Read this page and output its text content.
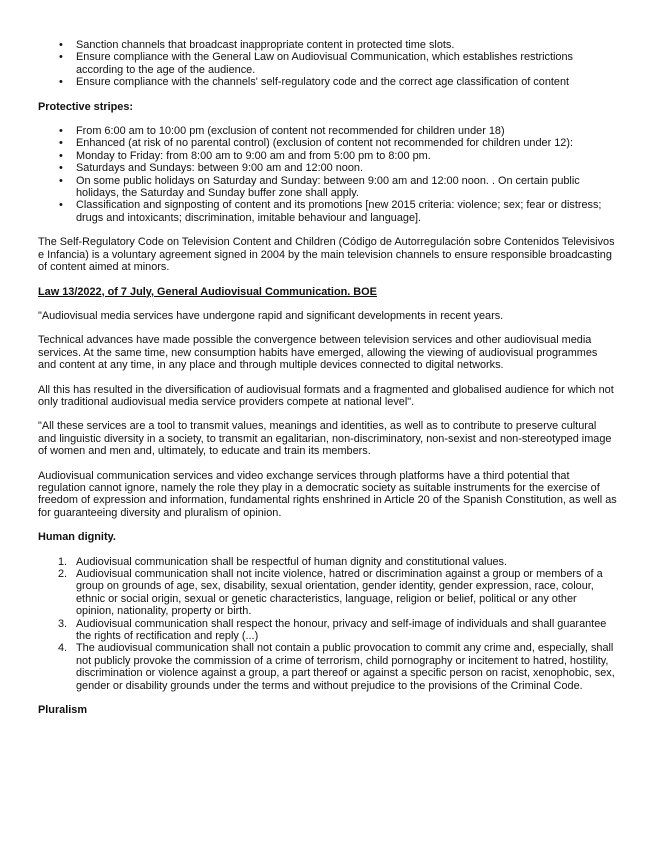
• Sanction channels that broadcast inappropriate content in protected time slots.
• Ensure compliance with the General Law on Audiovisual Communication, which establishes restrictions according to the age of the audience.
• Ensure compliance with the channels' self-regulatory code and the correct age classification of content

Protective stripes:

• From 6:00 am to 10:00 pm (exclusion of content not recommended for children under 18)
• Enhanced (at risk of no parental control) (exclusion of content not recommended for children under 12):
• Monday to Friday: from 8:00 am to 9:00 am and from 5:00 pm to 8:00 pm.
• Saturdays and Sundays: between 9:00 am and 12:00 noon.
• On some public holidays on Saturday and Sunday: between 9:00 am and 12:00 noon. . On certain public holidays, the Saturday and Sunday buffer zone shall apply.
• Classification and signposting of content and its promotions [new 2015 criteria: violence; sex; fear or distress; drugs and intoxicants; discrimination, imitable behaviour and language].

The Self-Regulatory Code on Television Content and Children (Código de Autorregulación sobre Contenidos Televisivos e Infancia) is a voluntary agreement signed in 2004 by the main television channels to ensure responsible broadcasting of content aimed at minors.

Law 13/2022, of 7 July, General Audiovisual Communication. BOE

"Audiovisual media services have undergone rapid and significant developments in recent years.

Technical advances have made possible the convergence between television services and other audiovisual media services. At the same time, new consumption habits have emerged, allowing the viewing of audiovisual programmes and content at any time, in any place and through multiple devices connected to digital networks.

All this has resulted in the diversification of audiovisual formats and a fragmented and globalised audience for which not only traditional audiovisual media service providers compete at national level".

"All these services are a tool to transmit values, meanings and identities, as well as to contribute to preserve cultural and linguistic diversity in a society, to transmit an egalitarian, non-discriminatory, non-sexist and non-stereotyped image of women and men and, ultimately, to educate and train its members.

Audiovisual communication services and video exchange services through platforms have a third potential that regulation cannot ignore, namely the role they play in a democratic society as suitable instruments for the exercise of freedom of expression and information, fundamental rights enshrined in Article 20 of the Spanish Constitution, as well as for guaranteeing diversity and pluralism of opinion.

Human dignity.

1. Audiovisual communication shall be respectful of human dignity and constitutional values.
2. Audiovisual communication shall not incite violence, hatred or discrimination against a group or members of a group on grounds of age, sex, disability, sexual orientation, gender identity, gender expression, race, colour, ethnic or social origin, sexual or genetic characteristics, language, religion or belief, political or any other opinion, nationality, property or birth.
3. Audiovisual communication shall respect the honour, privacy and self-image of individuals and shall guarantee the rights of rectification and reply (...)
4. The audiovisual communication shall not contain a public provocation to commit any crime and, especially, shall not publicly provoke the commission of a crime of terrorism, child pornography or incitement to hatred, hostility, discrimination or violence against a group, a part thereof or against a specific person on racist, xenophobic, sex, gender or disability grounds under the terms and without prejudice to the provisions of the Criminal Code.

Pluralism
